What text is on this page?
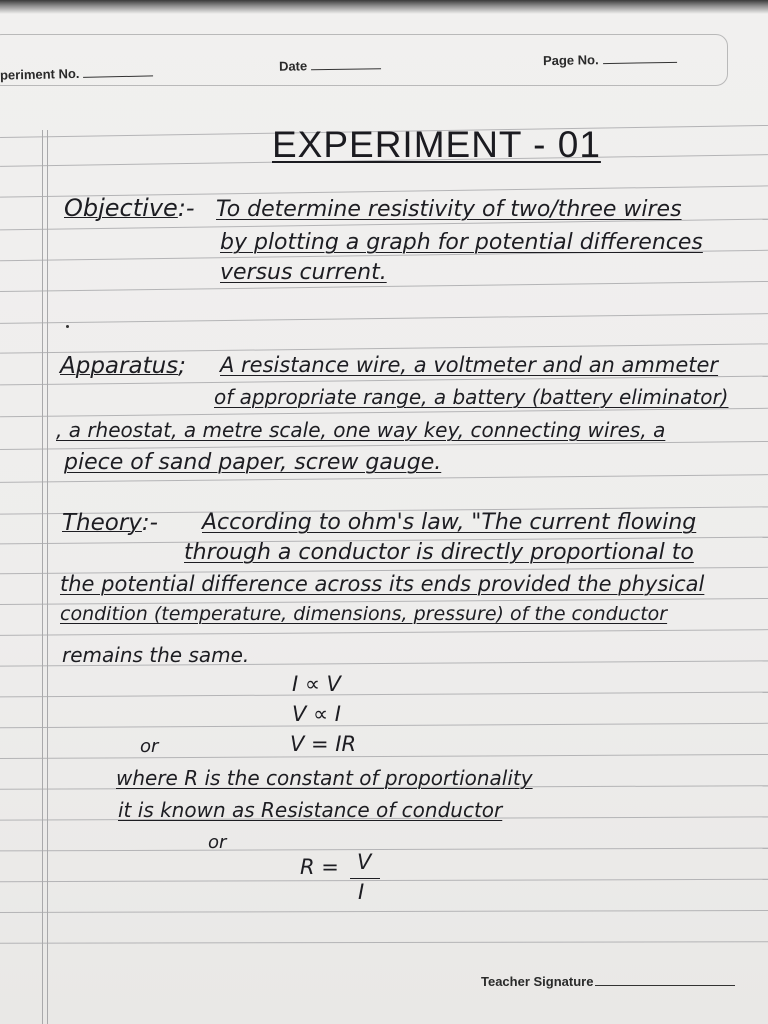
periment No.	Date	Page No.
EXPERIMENT - 01
Objective:- To determine resistivity of two/three wires
by plotting a graph for potential differences
versus current.
Apparatus; A resistance wire, a voltmeter and an ammeter
of appropriate range, a battery (battery eliminator)
, a rheostat, a metre scale, one way key, connecting wires, a
piece of sand paper, screw gauge.
Theory:- According to ohm's law, "The current flowing
through a conductor is directly proportional to
the potential difference across its ends provided the physical
condition (temperature, dimensions, pressure) of the conductor
remains the same.
I ∝ V
V ∝ I
or	V = IR
where R is the constant of proportionality
it is known as Resistance of conductor
or
R = V
I
Teacher Signature
